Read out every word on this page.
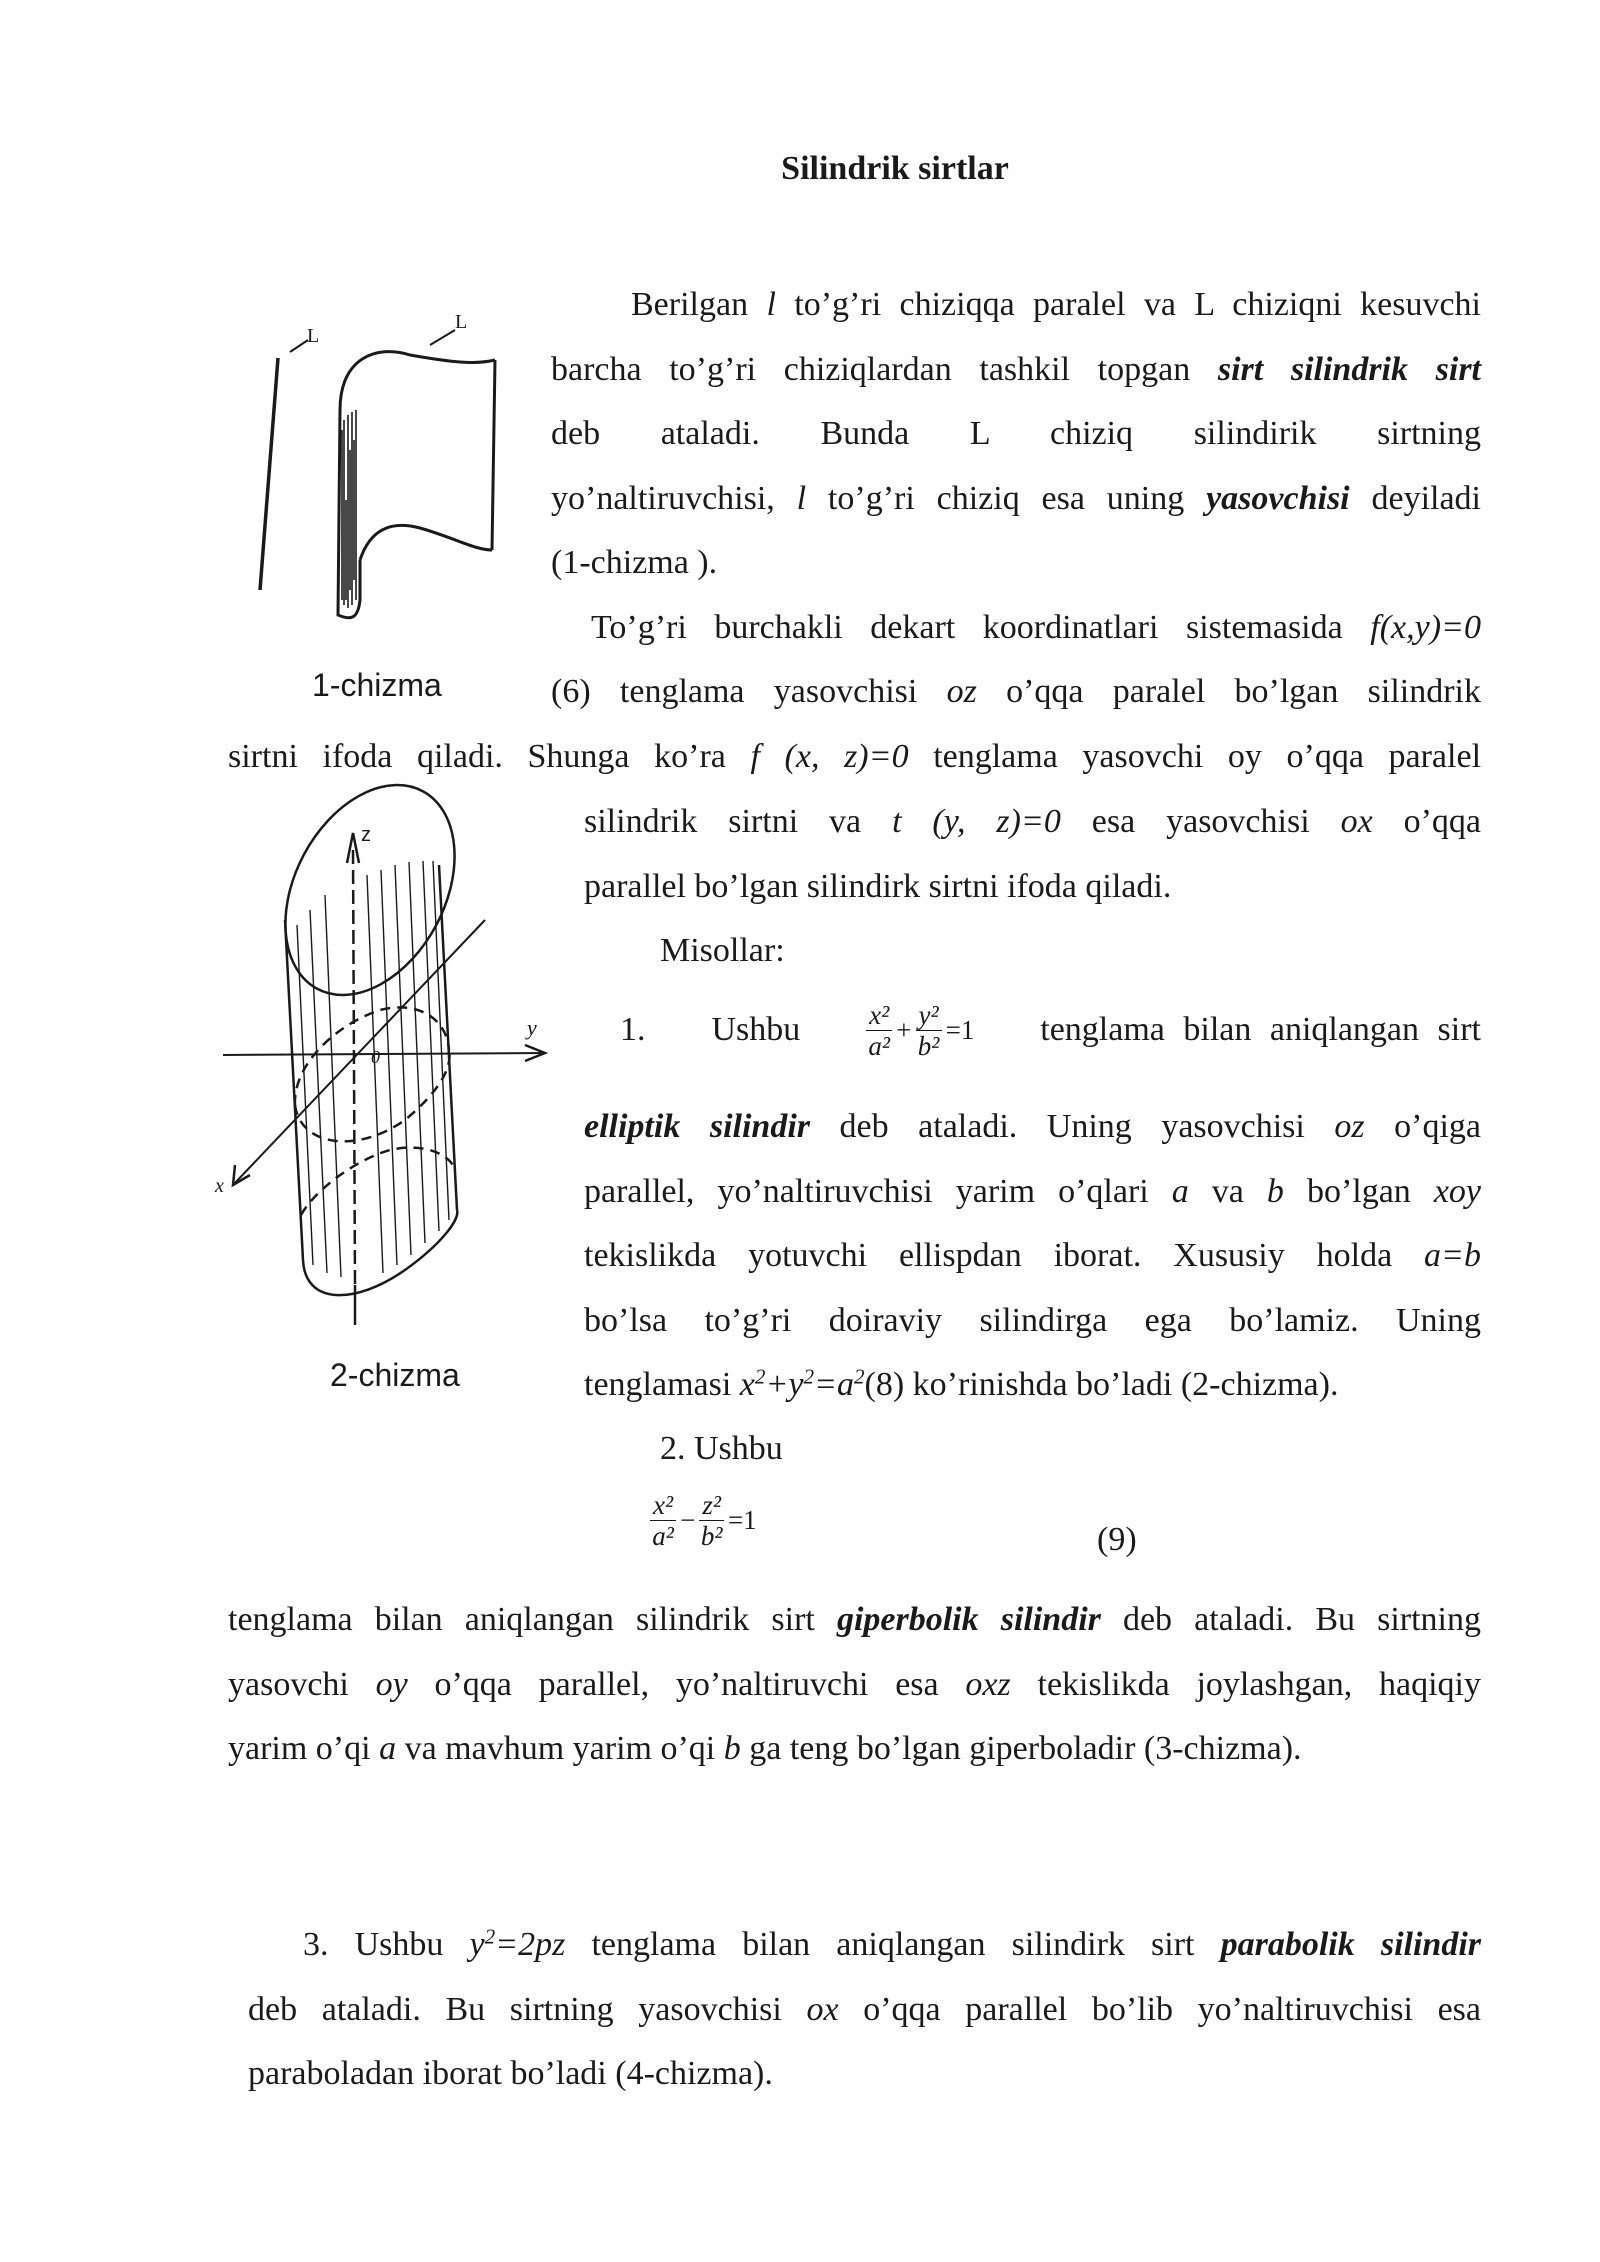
Silindrik sirtlar
L
L
1-chizma
z
y
x
0
2-chizma
Berilgan l to’g’ri chiziqqa paralel va L chiziqni kesuvchi
barcha to’g’ri chiziqlardan tashkil topgan sirt silindrik sirt
deb ataladi. Bunda L chiziq silindirik sirtning
yo’naltiruvchisi, l to’g’ri chiziq esa uning yasovchisi deyiladi
(1-chizma ).
To’g’ri burchakli dekart koordinatlari sistemasida f(x,y)=0
(6) tenglama yasovchisi oz o’qqa paralel bo’lgan silindrik
sirtni ifoda qiladi. Shunga ko’ra f (x, z)=0 tenglama yasovchi oy o’qqa paralel
silindrik sirtni va t (y, z)=0 esa yasovchisi ox o’qqa
parallel bo’lgan silindirk sirtni ifoda qiladi.
Misollar:
1. Ushbu $\frac{\text{x²}}{\text{a²}} + \frac{\text{y²}}{\text{b²}} =1$ tenglama bilan aniqlangan sirt
elliptik silindir deb ataladi. Uning yasovchisi oz o’qiga
parallel, yo’naltiruvchisi yarim o’qlari a va b bo’lgan xoy
tekislikda yotuvchi ellispdan iborat. Xususiy holda a=b
bo’lsa to’g’ri doiraviy silindirga ega bo’lamiz. Uning
tenglamasi $x^2+y^2=a^2(8)$ ko’rinishda bo’ladi (2-chizma).
2. Ushbu
$\frac{\text{x²}}{\text{a²}} - \frac{\text{z²}}{\text{b²}} =1$
(9)
tenglama bilan aniqlangan silindrik sirt giperbolik silindir deb ataladi. Bu sirtning
yasovchi oy o’qqa parallel, yo’naltiruvchi esa oxz tekislikda joylashgan, haqiqiy
yarim o’qi a va mavhum yarim o’qi b ga teng bo’lgan giperboladir (3-chizma).
3. Ushbu $y^2=2pz$ tenglama bilan aniqlangan silindirk sirt parabolik silindir
deb ataladi. Bu sirtning yasovchisi ox o’qqa parallel bo’lib yo’naltiruvchisi esa
paraboladan iborat bo’ladi (4-chizma).
